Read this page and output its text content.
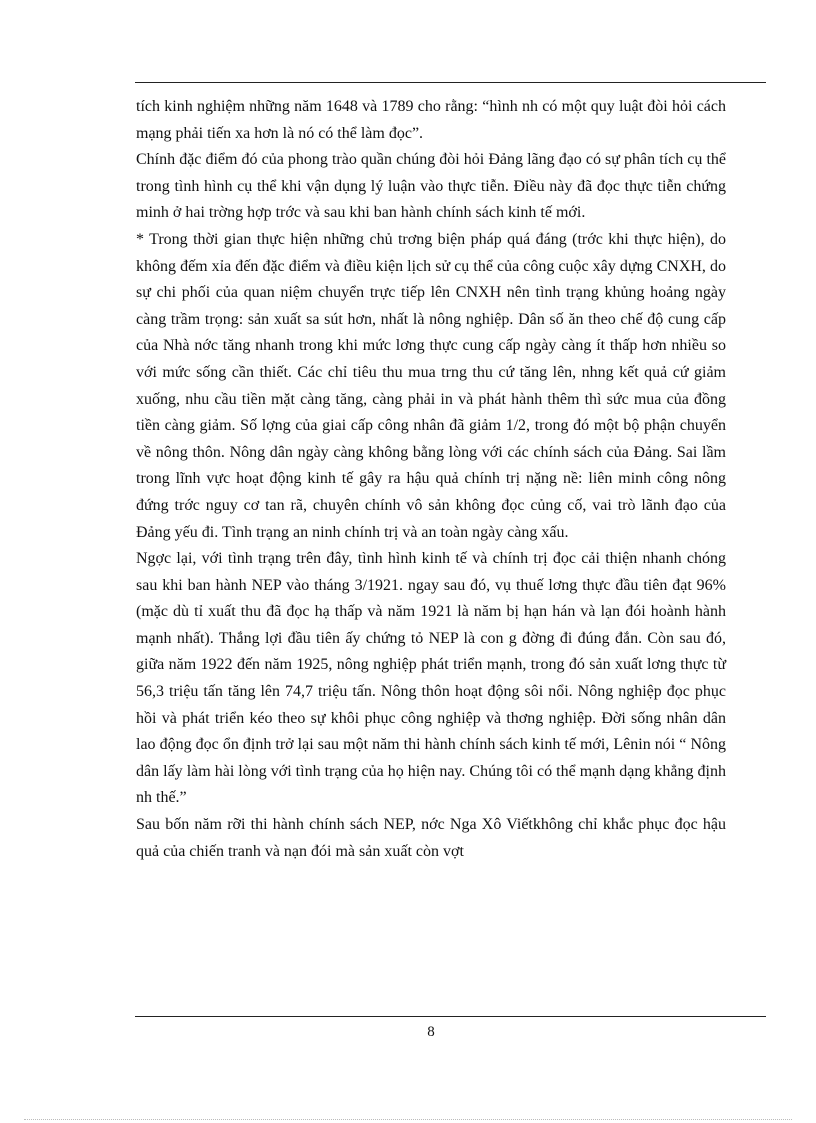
tích kinh nghiệm những năm 1648 và 1789 cho rằng: “hình nh có một quy luật đòi hỏi cách mạng phải tiến xa hơn là nó có thể làm đọc”.

Chính đặc điểm đó của phong trào quần chúng đòi hỏi Đảng lãng đạo có sự phân tích cụ thể trong tình hình cụ thể khi vận dụng lý luận vào thực tiễn. Điều này đã đọc thực tiễn chứng minh ở hai trờng hợp trớc và sau khi ban hành chính sách kinh tế mới.

* Trong thời gian thực hiện những chủ trơng biện pháp quá đáng (trớc khi thực hiện), do không đếm xỉa đến đặc điểm và điều kiện lịch sử cụ thể của công cuộc xây dựng CNXH, do sự chi phối của quan niệm chuyển trực tiếp lên CNXH nên tình trạng khủng hoảng ngày càng trầm trọng: sản xuất sa sút hơn, nhất là nông nghiệp. Dân số ăn theo chế độ cung cấp của Nhà nớc tăng nhanh trong khi mức lơng thực cung cấp ngày càng ít thấp hơn nhiều so với mức sống cần thiết. Các chỉ tiêu thu mua trng thu cứ tăng lên, nhng kết quả cứ giảm xuống, nhu cầu tiền mặt càng tăng, càng phải in và phát hành thêm thì sức mua của đồng tiền càng giảm. Số lợng của giai cấp công nhân đã giảm 1/2, trong đó một bộ phận chuyển về nông thôn. Nông dân ngày càng không bằng lòng với các chính sách của Đảng. Sai lầm trong lĩnh vực hoạt động kinh tế gây ra hậu quả chính trị nặng nề: liên minh công nông đứng trớc nguy cơ tan rã, chuyên chính vô sản không đọc củng cố, vai trò lãnh đạo của Đảng yếu đi. Tình trạng an ninh chính trị và an toàn ngày càng xấu.

Ngợc lại, với tình trạng trên đây, tình hình kinh tế và chính trị đọc cải thiện nhanh chóng sau khi ban hành NEP vào tháng 3/1921. ngay sau đó, vụ thuế lơng thực đầu tiên đạt 96% (mặc dù tỉ xuất thu đã đọc hạ thấp và năm 1921 là năm bị hạn hán và lạn đói hoành hành mạnh nhất). Thắng lợi đầu tiên ấy chứng tỏ NEP là con g đờng đi đúng đắn. Còn sau đó, giữa năm 1922 đến năm 1925, nông nghiệp phát triển mạnh, trong đó sản xuất lơng thực từ 56,3 triệu tấn tăng lên 74,7 triệu tấn. Nông thôn hoạt động sôi nổi. Nông nghiệp đọc phục hồi và phát triển kéo theo sự khôi phục công nghiệp và thơng nghiệp. Đời sống nhân dân lao động đọc ổn định trở lại sau một năm thi hành chính sách kinh tế mới, Lênin nói “ Nông dân lấy làm hài lòng với tình trạng của họ hiện nay. Chúng tôi có thể mạnh dạng khẳng định nh thế.”

Sau bốn năm rỡi thi hành chính sách NEP, nớc Nga Xô Viếtkhông chỉ khắc phục đọc hậu quả của chiến tranh và nạn đói mà sản xuất còn vợt

8
